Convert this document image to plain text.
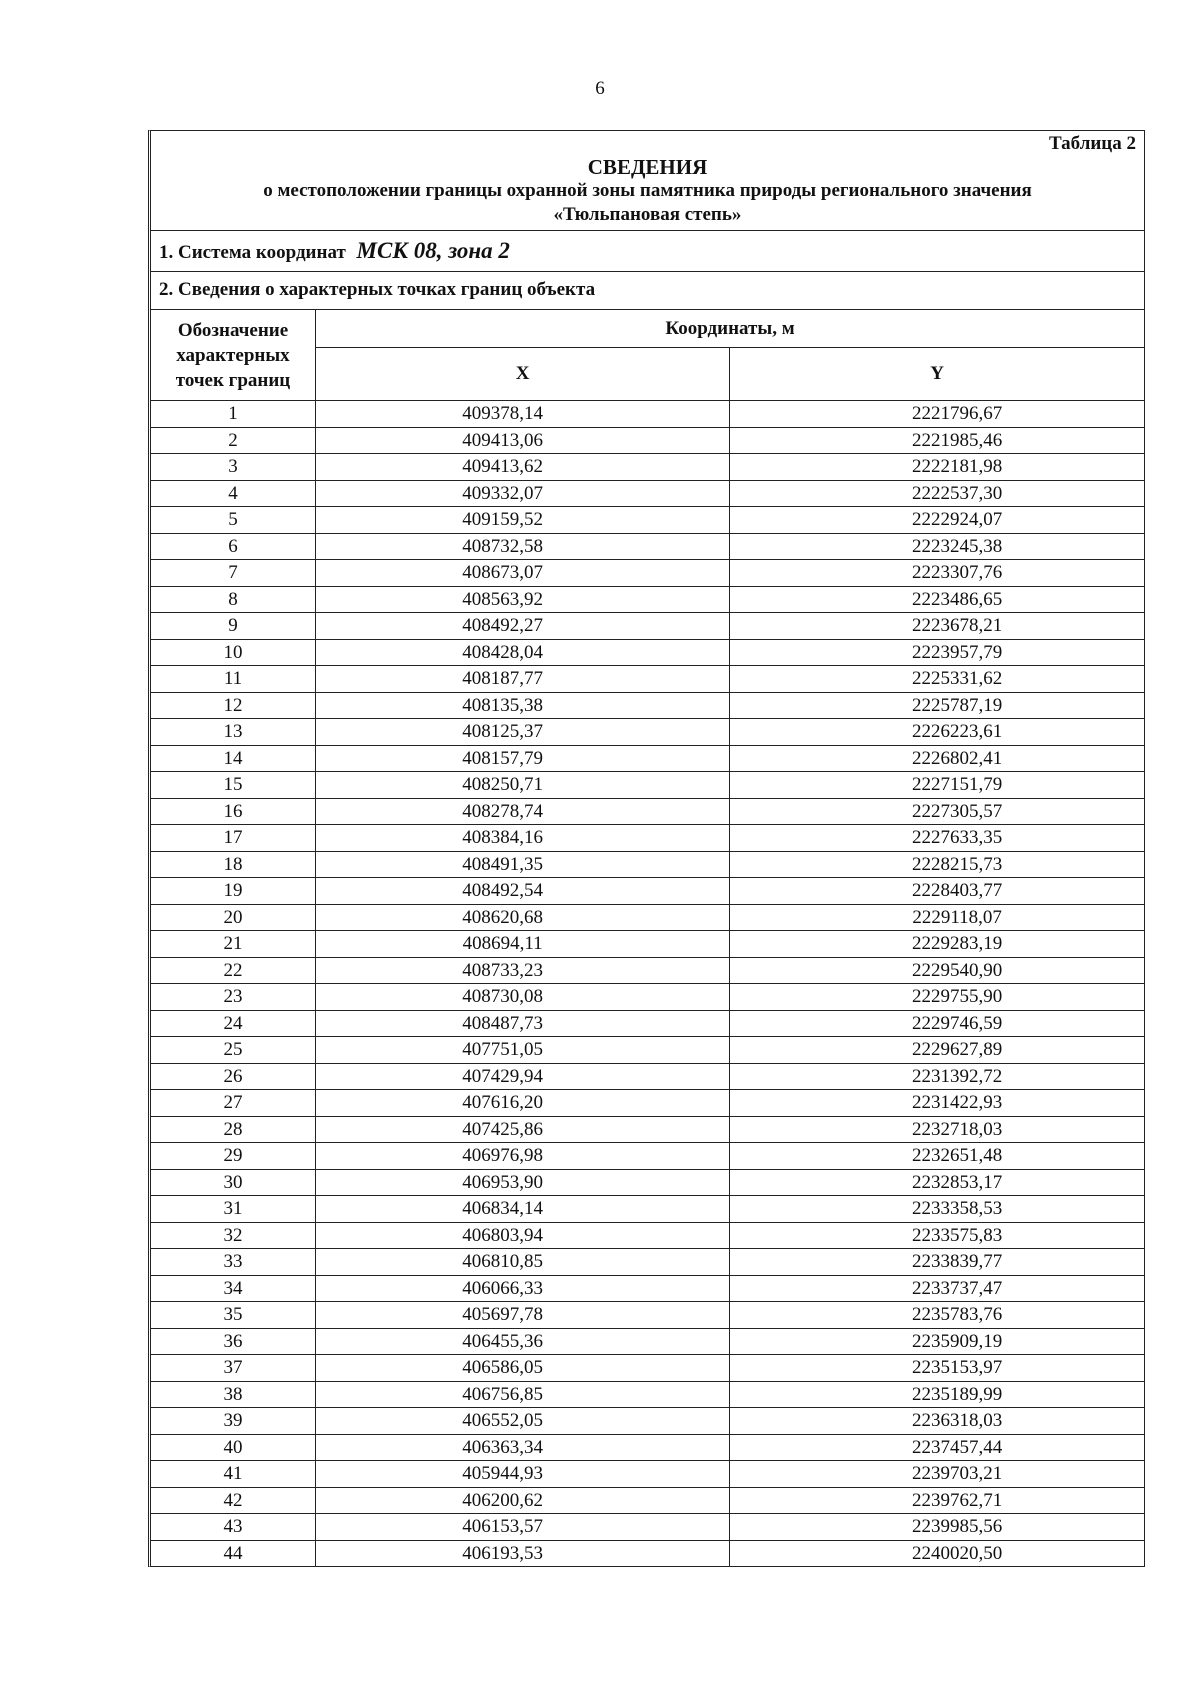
6
Таблица 2
СВЕДЕНИЯ
о местоположении границы охранной зоны памятника природы регионального значения
«Тюльпановая степь»
1. Система координат МСК 08, зона 2
2. Сведения о характерных точках границ объекта
Обозначение характерных точек границ	Координаты, м	
	X	Y
1	409378,14	2221796,67
2	409413,06	2221985,46
3	409413,62	2222181,98
4	409332,07	2222537,30
5	409159,52	2222924,07
6	408732,58	2223245,38
7	408673,07	2223307,76
8	408563,92	2223486,65
9	408492,27	2223678,21
10	408428,04	2223957,79
11	408187,77	2225331,62
12	408135,38	2225787,19
13	408125,37	2226223,61
14	408157,79	2226802,41
15	408250,71	2227151,79
16	408278,74	2227305,57
17	408384,16	2227633,35
18	408491,35	2228215,73
19	408492,54	2228403,77
20	408620,68	2229118,07
21	408694,11	2229283,19
22	408733,23	2229540,90
23	408730,08	2229755,90
24	408487,73	2229746,59
25	407751,05	2229627,89
26	407429,94	2231392,72
27	407616,20	2231422,93
28	407425,86	2232718,03
29	406976,98	2232651,48
30	406953,90	2232853,17
31	406834,14	2233358,53
32	406803,94	2233575,83
33	406810,85	2233839,77
34	406066,33	2233737,47
35	405697,78	2235783,76
36	406455,36	2235909,19
37	406586,05	2235153,97
38	406756,85	2235189,99
39	406552,05	2236318,03
40	406363,34	2237457,44
41	405944,93	2239703,21
42	406200,62	2239762,71
43	406153,57	2239985,56
44	406193,53	2240020,50
